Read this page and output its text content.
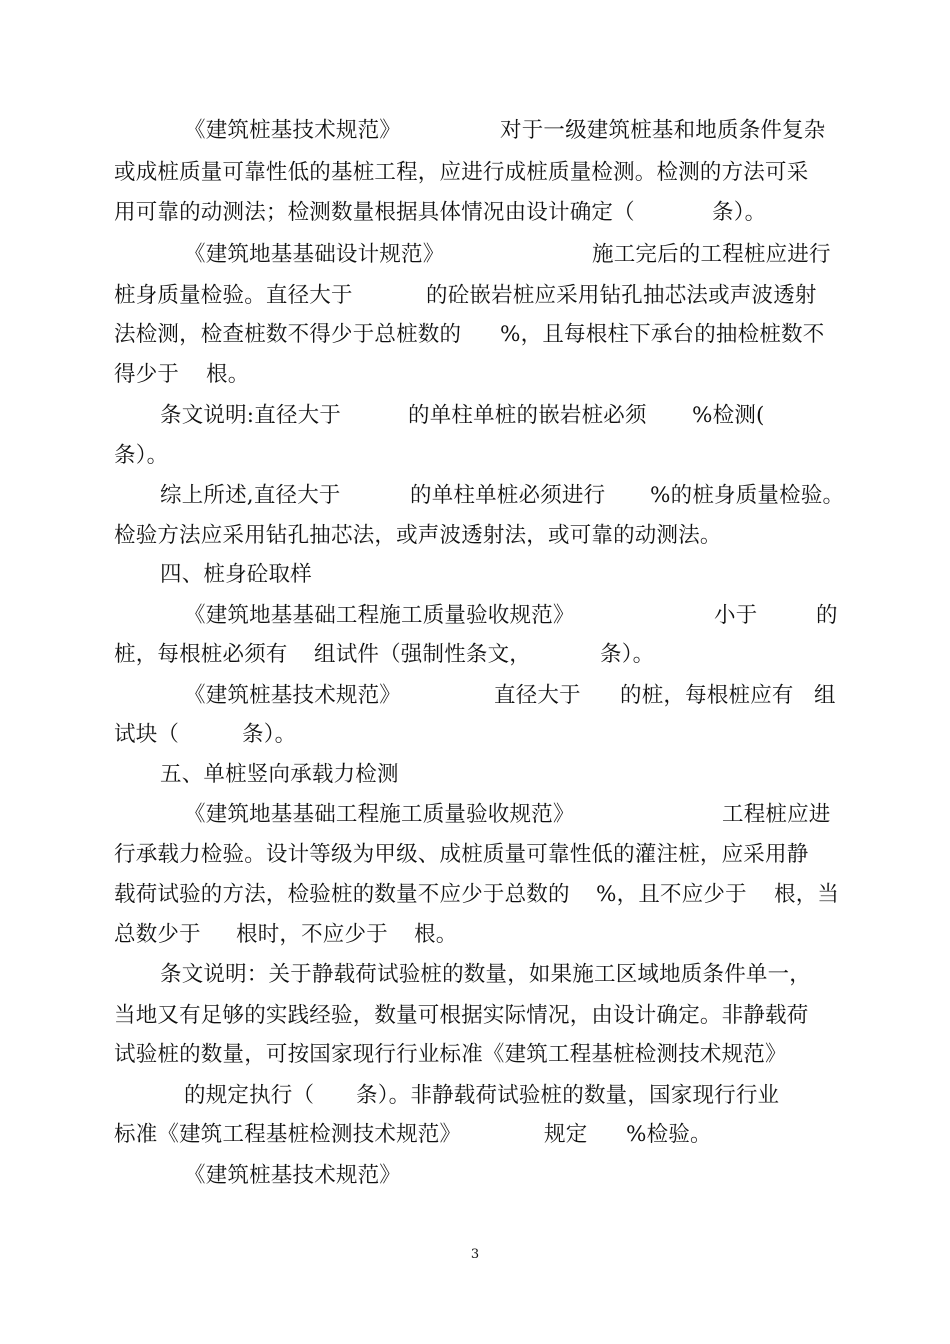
《建筑桩基技术规范》	对于一级建筑桩基和地质条件复杂
或成桩质量可靠性低的基桩工程，应进行成桩质量检测。检测的方法可采
用可靠的动测法；检测数量根据具体情况由设计确定（	条）。
《建筑地基基础设计规范》	施工完后的工程桩应进行
桩身质量检验。直径大于	的砼嵌岩桩应采用钻孔抽芯法或声波透射
法检测，检查桩数不得少于总桩数的 %，且每根柱下承台的抽检桩数不
得少于 根。
条文说明:直径大于	的单柱单桩的嵌岩桩必须 %检测(
条）。
综上所述,直径大于	的单柱单桩必须进行 %的桩身质量检验。
检验方法应采用钻孔抽芯法，或声波透射法，或可靠的动测法。
四、桩身砼取样
《建筑地基基础工程施工质量验收规范》	小于	的
桩，每根桩必须有 组试件（强制性条文，	条）。
《建筑桩基技术规范》	直径大于 的桩，每根桩应有 组
试块（	条）。
五、单桩竖向承载力检测
《建筑地基基础工程施工质量验收规范》	工程桩应进
行承载力检验。设计等级为甲级、成桩质量可靠性低的灌注桩，应采用静
载荷试验的方法，检验桩的数量不应少于总数的 %，且不应少于 根，当
总数少于 根时，不应少于 根。
条文说明：关于静载荷试验桩的数量，如果施工区域地质条件单一，
当地又有足够的实践经验，数量可根据实际情况，由设计确定。非静载荷
试验桩的数量，可按国家现行行业标准《建筑工程基桩检测技术规范》
的规定执行（ 条）。非静载荷试验桩的数量，国家现行行业
标准《建筑工程基桩检测技术规范》	规定 %检验。
《建筑桩基技术规范》
3
